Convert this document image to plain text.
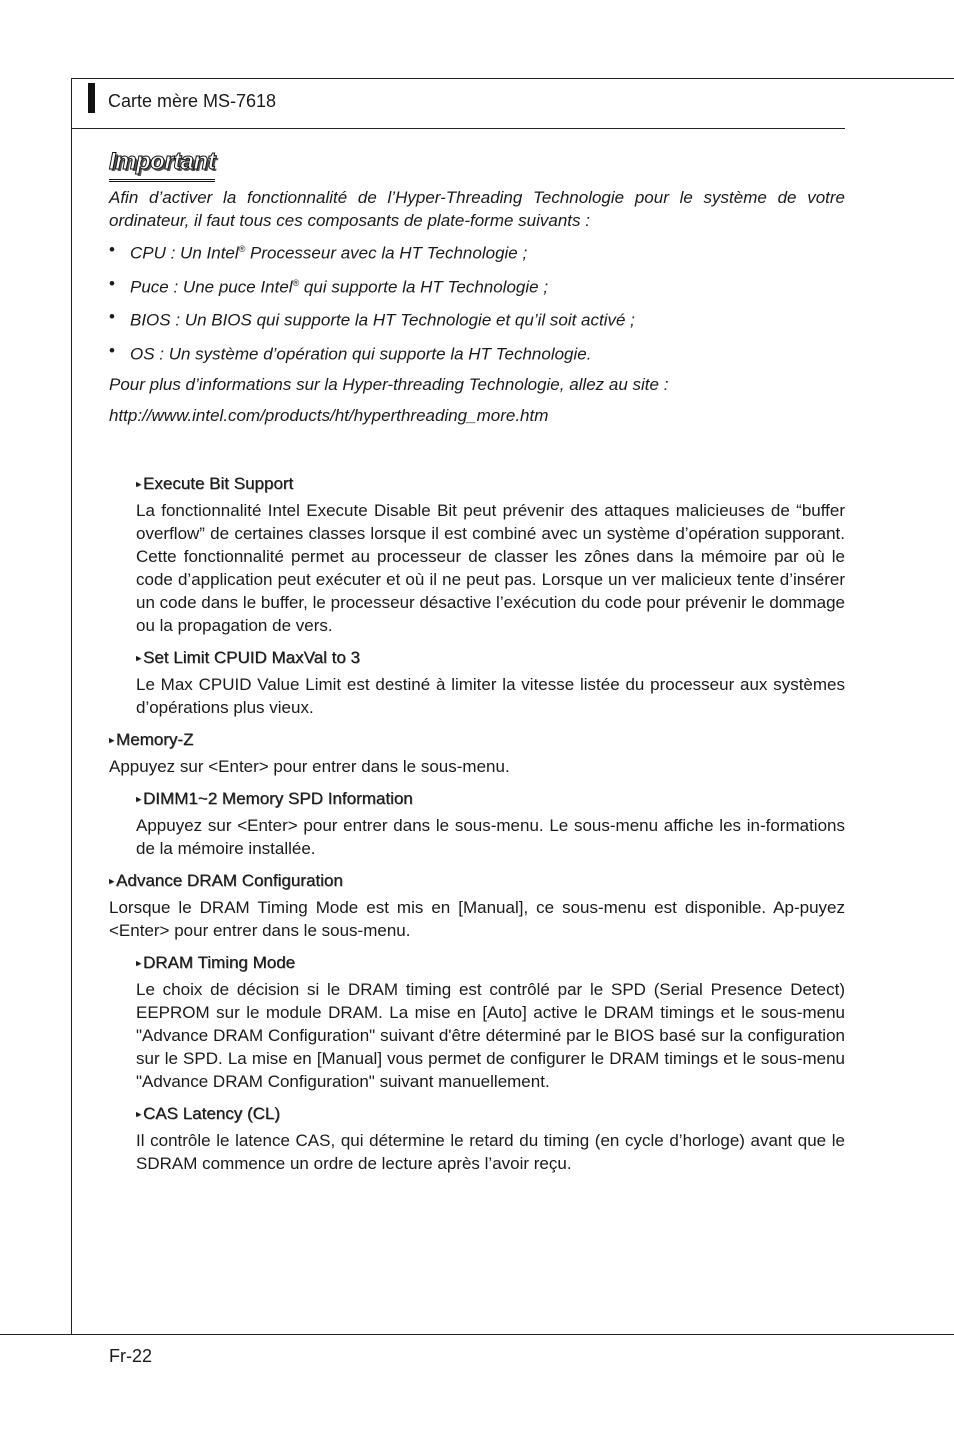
Carte mère MS-7618
Important

Afin d’activer la fonctionnalité de l’Hyper-Threading Technologie pour le système de votre ordinateur, il faut tous ces composants de plate-forme suivants :

• CPU : Un Intel® Processeur avec la HT Technologie ;
• Puce : Une puce Intel® qui supporte la HT Technologie ;
• BIOS : Un BIOS qui supporte la HT Technologie et qu’il soit activé ;
• OS : Un système d’opération qui supporte la HT Technologie.

Pour plus d’informations sur la Hyper-threading Technologie, allez au site :

http://www.intel.com/products/ht/hyperthreading_more.htm

▸ Execute Bit Support

La fonctionnalité Intel Execute Disable Bit peut prévenir des attaques malicieuses de “buffer overflow” de certaines classes lorsque il est combiné avec un système d’opération supporant. Cette fonctionnalité permet au processeur de classer les zônes dans la mémoire par où le code d’application peut exécuter et où il ne peut pas. Lorsque un ver malicieux tente d’insérer un code dans le buffer, le processeur désactive l’exécution du code pour prévenir le dommage ou la propagation de vers.

▸ Set Limit CPUID MaxVal to 3

Le Max CPUID Value Limit est destiné à limiter la vitesse listée du processeur aux systèmes d’opérations plus vieux.

▸ Memory-Z

Appuyez sur <Enter> pour entrer dans le sous-menu.

▸ DIMM1~2 Memory SPD Information

Appuyez sur <Enter> pour entrer dans le sous-menu. Le sous-menu affiche les in-formations de la mémoire installée.

▸ Advance DRAM Configuration

Lorsque le DRAM Timing Mode est mis en [Manual], ce sous-menu est disponible. Ap-puyez <Enter> pour entrer dans le sous-menu.

▸ DRAM Timing Mode

Le choix de décision si le DRAM timing est contrôlé par le SPD (Serial Presence Detect) EEPROM sur le module DRAM. La mise en [Auto] active le DRAM timings et le sous-menu "Advance DRAM Configuration" suivant d'être déterminé par le BIOS basé sur la configuration sur le SPD. La mise en [Manual] vous permet de configurer le DRAM timings et le sous-menu "Advance DRAM Configuration" suivant manuellement.

▸ CAS Latency (CL)

Il contrôle le latence CAS, qui détermine le retard du timing (en cycle d’horloge) avant que le SDRAM commence un ordre de lecture après l’avoir reçu.

Fr-22
